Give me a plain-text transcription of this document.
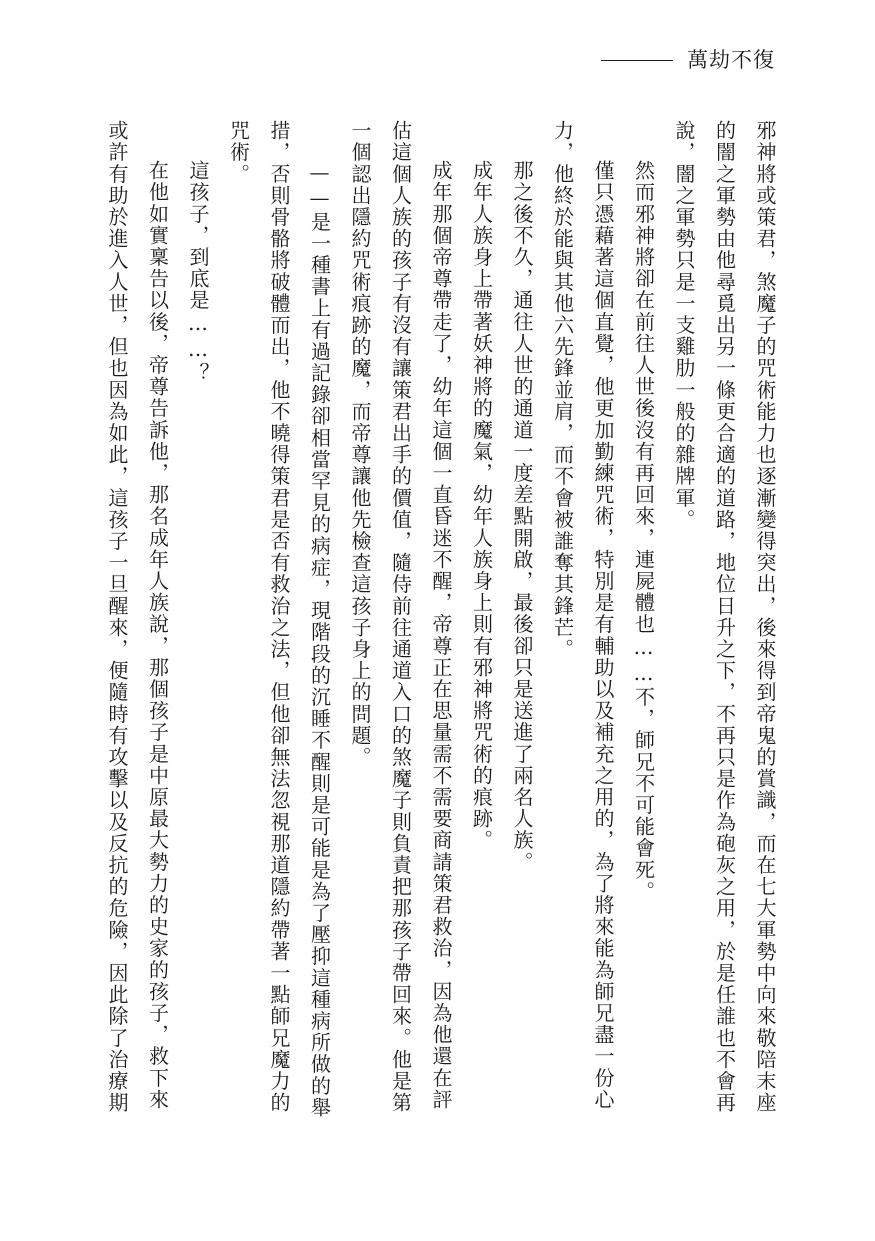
萬劫不復

邪神將或策君，煞魔子的咒術能力也逐漸變得突出，後來得到帝鬼的賞識，而在七大軍勢中向來敬陪末座的闇之軍勢由他尋覓出另一條更合適的道路，地位日升之下，不再只是作為砲灰之用，於是任誰也不會再說，闇之軍勢只是一支雞肋一般的雜牌軍。

然而邪神將卻在前往人世後沒有再回來，連屍體也……不，師兄不可能會死。

僅只憑藉著這個直覺，他更加勤練咒術，特別是有輔助以及補充之用的，為了將來能為師兄盡一份心力，他終於能與其他六先鋒並肩，而不會被誰奪其鋒芒。

那之後不久，通往人世的通道一度差點開啟，最後卻只是送進了兩名人族。

成年人族身上帶著妖神將的魔氣，幼年人族身上則有邪神將咒術的痕跡。

成年那個帝尊帶走了，幼年這個一直昏迷不醒，帝尊正在思量需不需要商請策君救治，因為他還在評估這個人族的孩子有沒有讓策君出手的價值，隨侍前往通道入口的煞魔子則負責把那孩子帶回來。他是第一個認出隱約咒術痕跡的魔，而帝尊讓他先檢查這孩子身上的問題。

——是一種書上有過記錄卻相當罕見的病症，現階段的沉睡不醒則是可能是為了壓抑這種病所做的舉措，否則骨骼將破體而出，他不曉得策君是否有救治之法，但他卻無法忽視那道隱約帶著一點師兄魔力的咒術。

這孩子，到底是……？

在他如實稟告以後，帝尊告訴他，那名成年人族說，那個孩子是中原最大勢力的史家的孩子，救下來或許有助於進入人世，但也因為如此，這孩子一旦醒來，便隨時有攻擊以及反抗的危險，因此除了治療期
